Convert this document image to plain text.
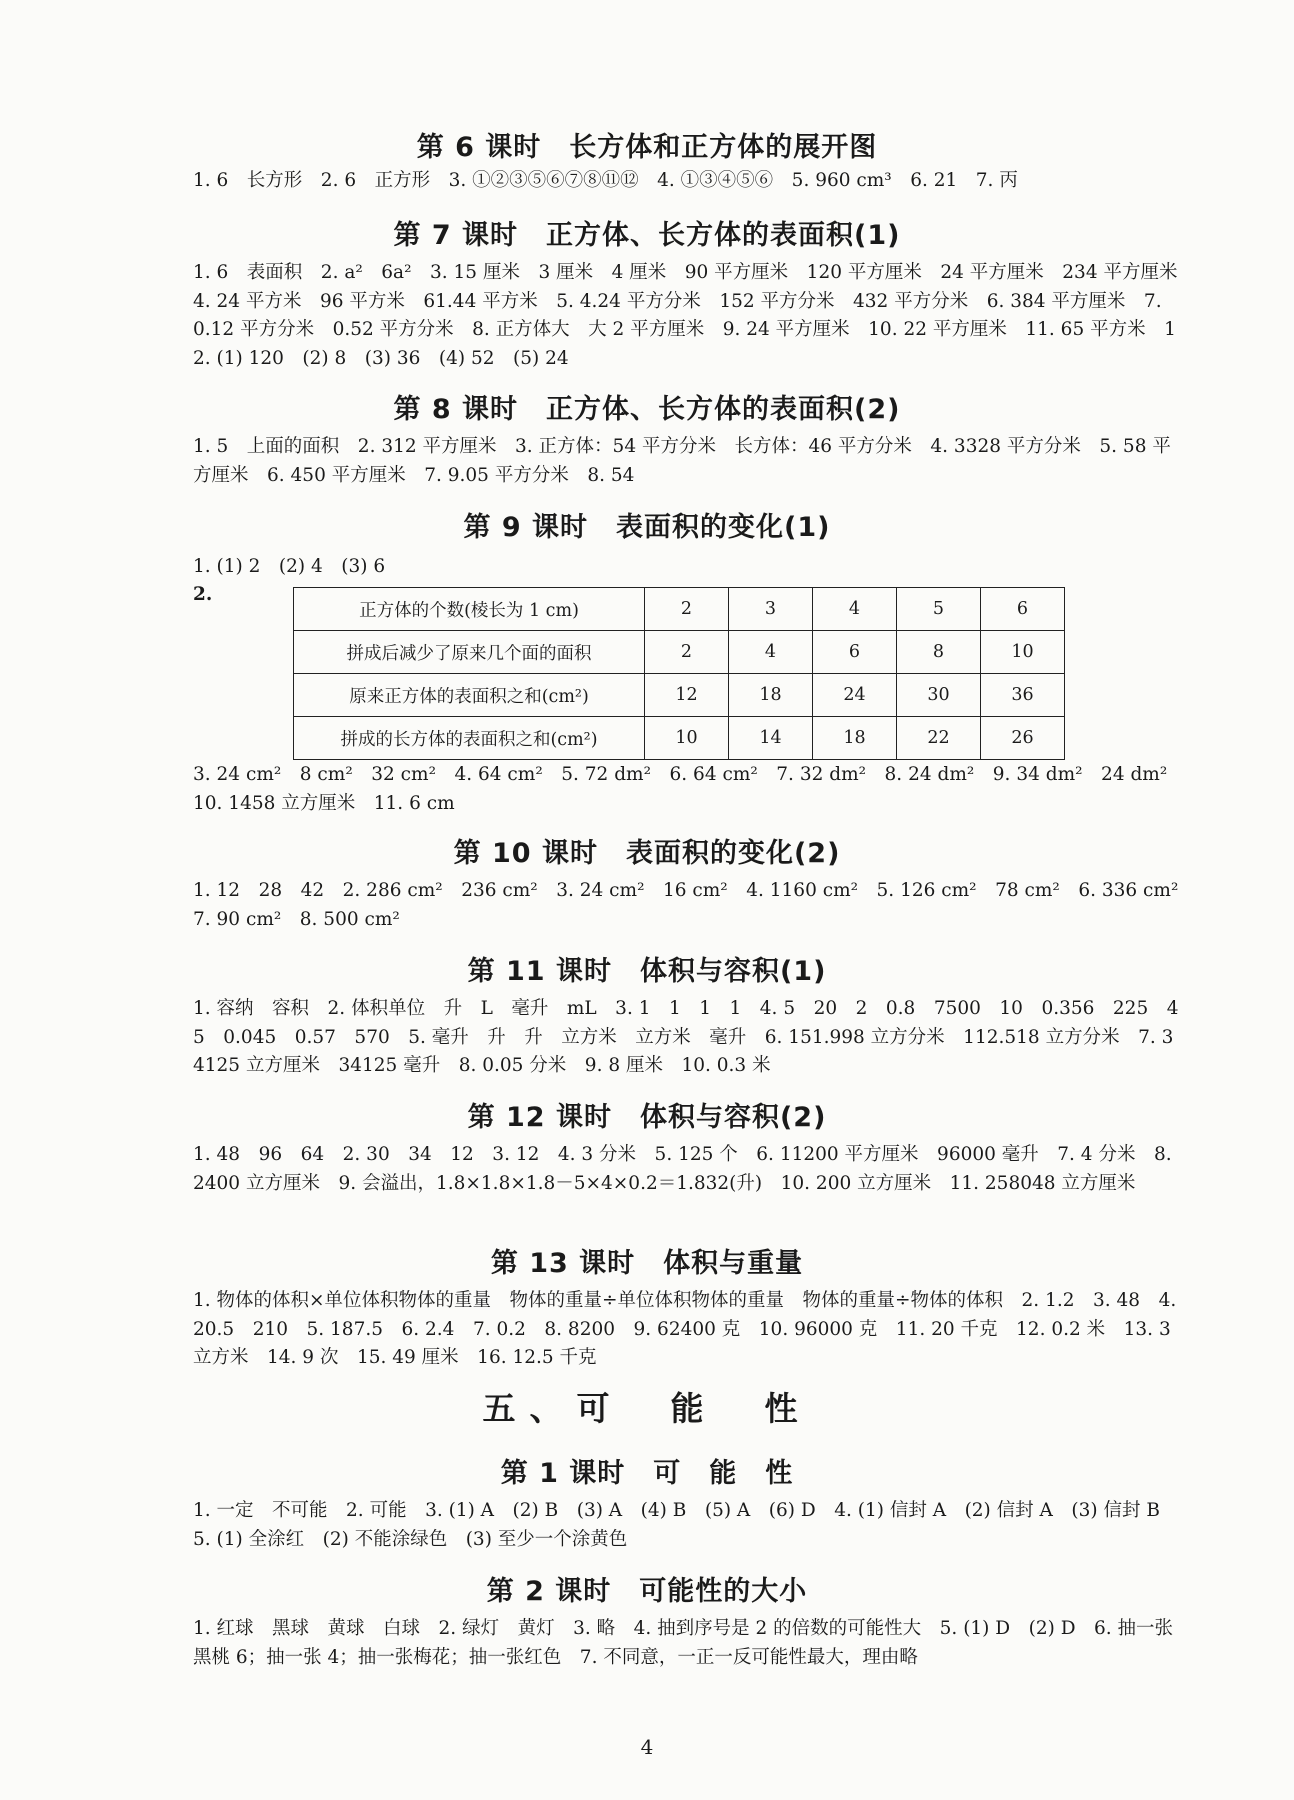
第 6 课时　长方体和正方体的展开图

1. 6　长方形　2. 6　正方形　3. ①②③⑤⑥⑦⑧⑪⑫　4. ①③④⑤⑥　5. 960 cm³　6. 21　7. 丙

第 7 课时　正方体、长方体的表面积(1)

1. 6　表面积　2. a²　6a²　3. 15 厘米　3 厘米　4 厘米　90 平方厘米　120 平方厘米　24 平方厘米　234 平方厘米　4. 24 平方米　96 平方米　61.44 平方米　5. 4.24 平方分米　152 平方分米　432 平方分米　6. 384 平方厘米　7. 0.12 平方分米　0.52 平方分米　8. 正方体大　大 2 平方厘米　9. 24 平方厘米　10. 22 平方厘米　11. 65 平方米　12. (1) 120　(2) 8　(3) 36　(4) 52　(5) 24

第 8 课时　正方体、长方体的表面积(2)

1. 5　上面的面积　2. 312 平方厘米　3. 正方体：54 平方分米　长方体：46 平方分米　4. 3328 平方分米　5. 58 平方厘米　6. 450 平方厘米　7. 9.05 平方分米　8. 54

第 9 课时　表面积的变化(1)

1. (1) 2　(2) 4　(3) 6

2.
正方体的个数(棱长为 1 cm)	2	3	4	5	6
拼成后减少了原来几个面的面积	2	4	6	8	10
原来正方体的表面积之和(cm²)	12	18	24	30	36
拼成的长方体的表面积之和(cm²)	10	14	18	22	26

3. 24 cm²　8 cm²　32 cm²　4. 64 cm²　5. 72 dm²　6. 64 cm²　7. 32 dm²　8. 24 dm²　9. 34 dm²　24 dm²　10. 1458 立方厘米　11. 6 cm

第 10 课时　表面积的变化(2)

1. 12　28　42　2. 286 cm²　236 cm²　3. 24 cm²　16 cm²　4. 1160 cm²　5. 126 cm²　78 cm²　6. 336 cm²　7. 90 cm²　8. 500 cm²

第 11 课时　体积与容积(1)

1. 容纳　容积　2. 体积单位　升　L　毫升　mL　3. 1　1　1　1　4. 5　20　2　0.8　7500　10　0.356　225　45　0.045　0.57　570　5. 毫升　升　升　立方米　立方米　毫升　6. 151.998 立方分米　112.518 立方分米　7. 34125 立方厘米　34125 毫升　8. 0.05 分米　9. 8 厘米　10. 0.3 米

第 12 课时　体积与容积(2)

1. 48　96　64　2. 30　34　12　3. 12　4. 3 分米　5. 125 个　6. 11200 平方厘米　96000 毫升　7. 4 分米　8. 2400 立方厘米　9. 会溢出，1.8×1.8×1.8－5×4×0.2＝1.832(升)　10. 200 立方厘米　11. 258048 立方厘米

第 13 课时　体积与重量

1. 物体的体积×单位体积物体的重量　物体的重量÷单位体积物体的重量　物体的重量÷物体的体积　2. 1.2　3. 48　4. 20.5　210　5. 187.5　6. 2.4　7. 0.2　8. 8200　9. 62400 克　10. 96000 克　11. 20 千克　12. 0.2 米　13. 3 立方米　14. 9 次　15. 49 厘米　16. 12.5 千克

五、可　能　性
第 1 课时　可　能　性

1. 一定　不可能　2. 可能　3. (1) A　(2) B　(3) A　(4) B　(5) A　(6) D　4. (1) 信封 A　(2) 信封 A　(3) 信封 B　5. (1) 全涂红　(2) 不能涂绿色　(3) 至少一个涂黄色

第 2 课时　可能性的大小

1. 红球　黑球　黄球　白球　2. 绿灯　黄灯　3. 略　4. 抽到序号是 2 的倍数的可能性大　5. (1) D　(2) D　6. 抽一张黑桃 6；抽一张 4；抽一张梅花；抽一张红色　7. 不同意，一正一反可能性最大，理由略

4
